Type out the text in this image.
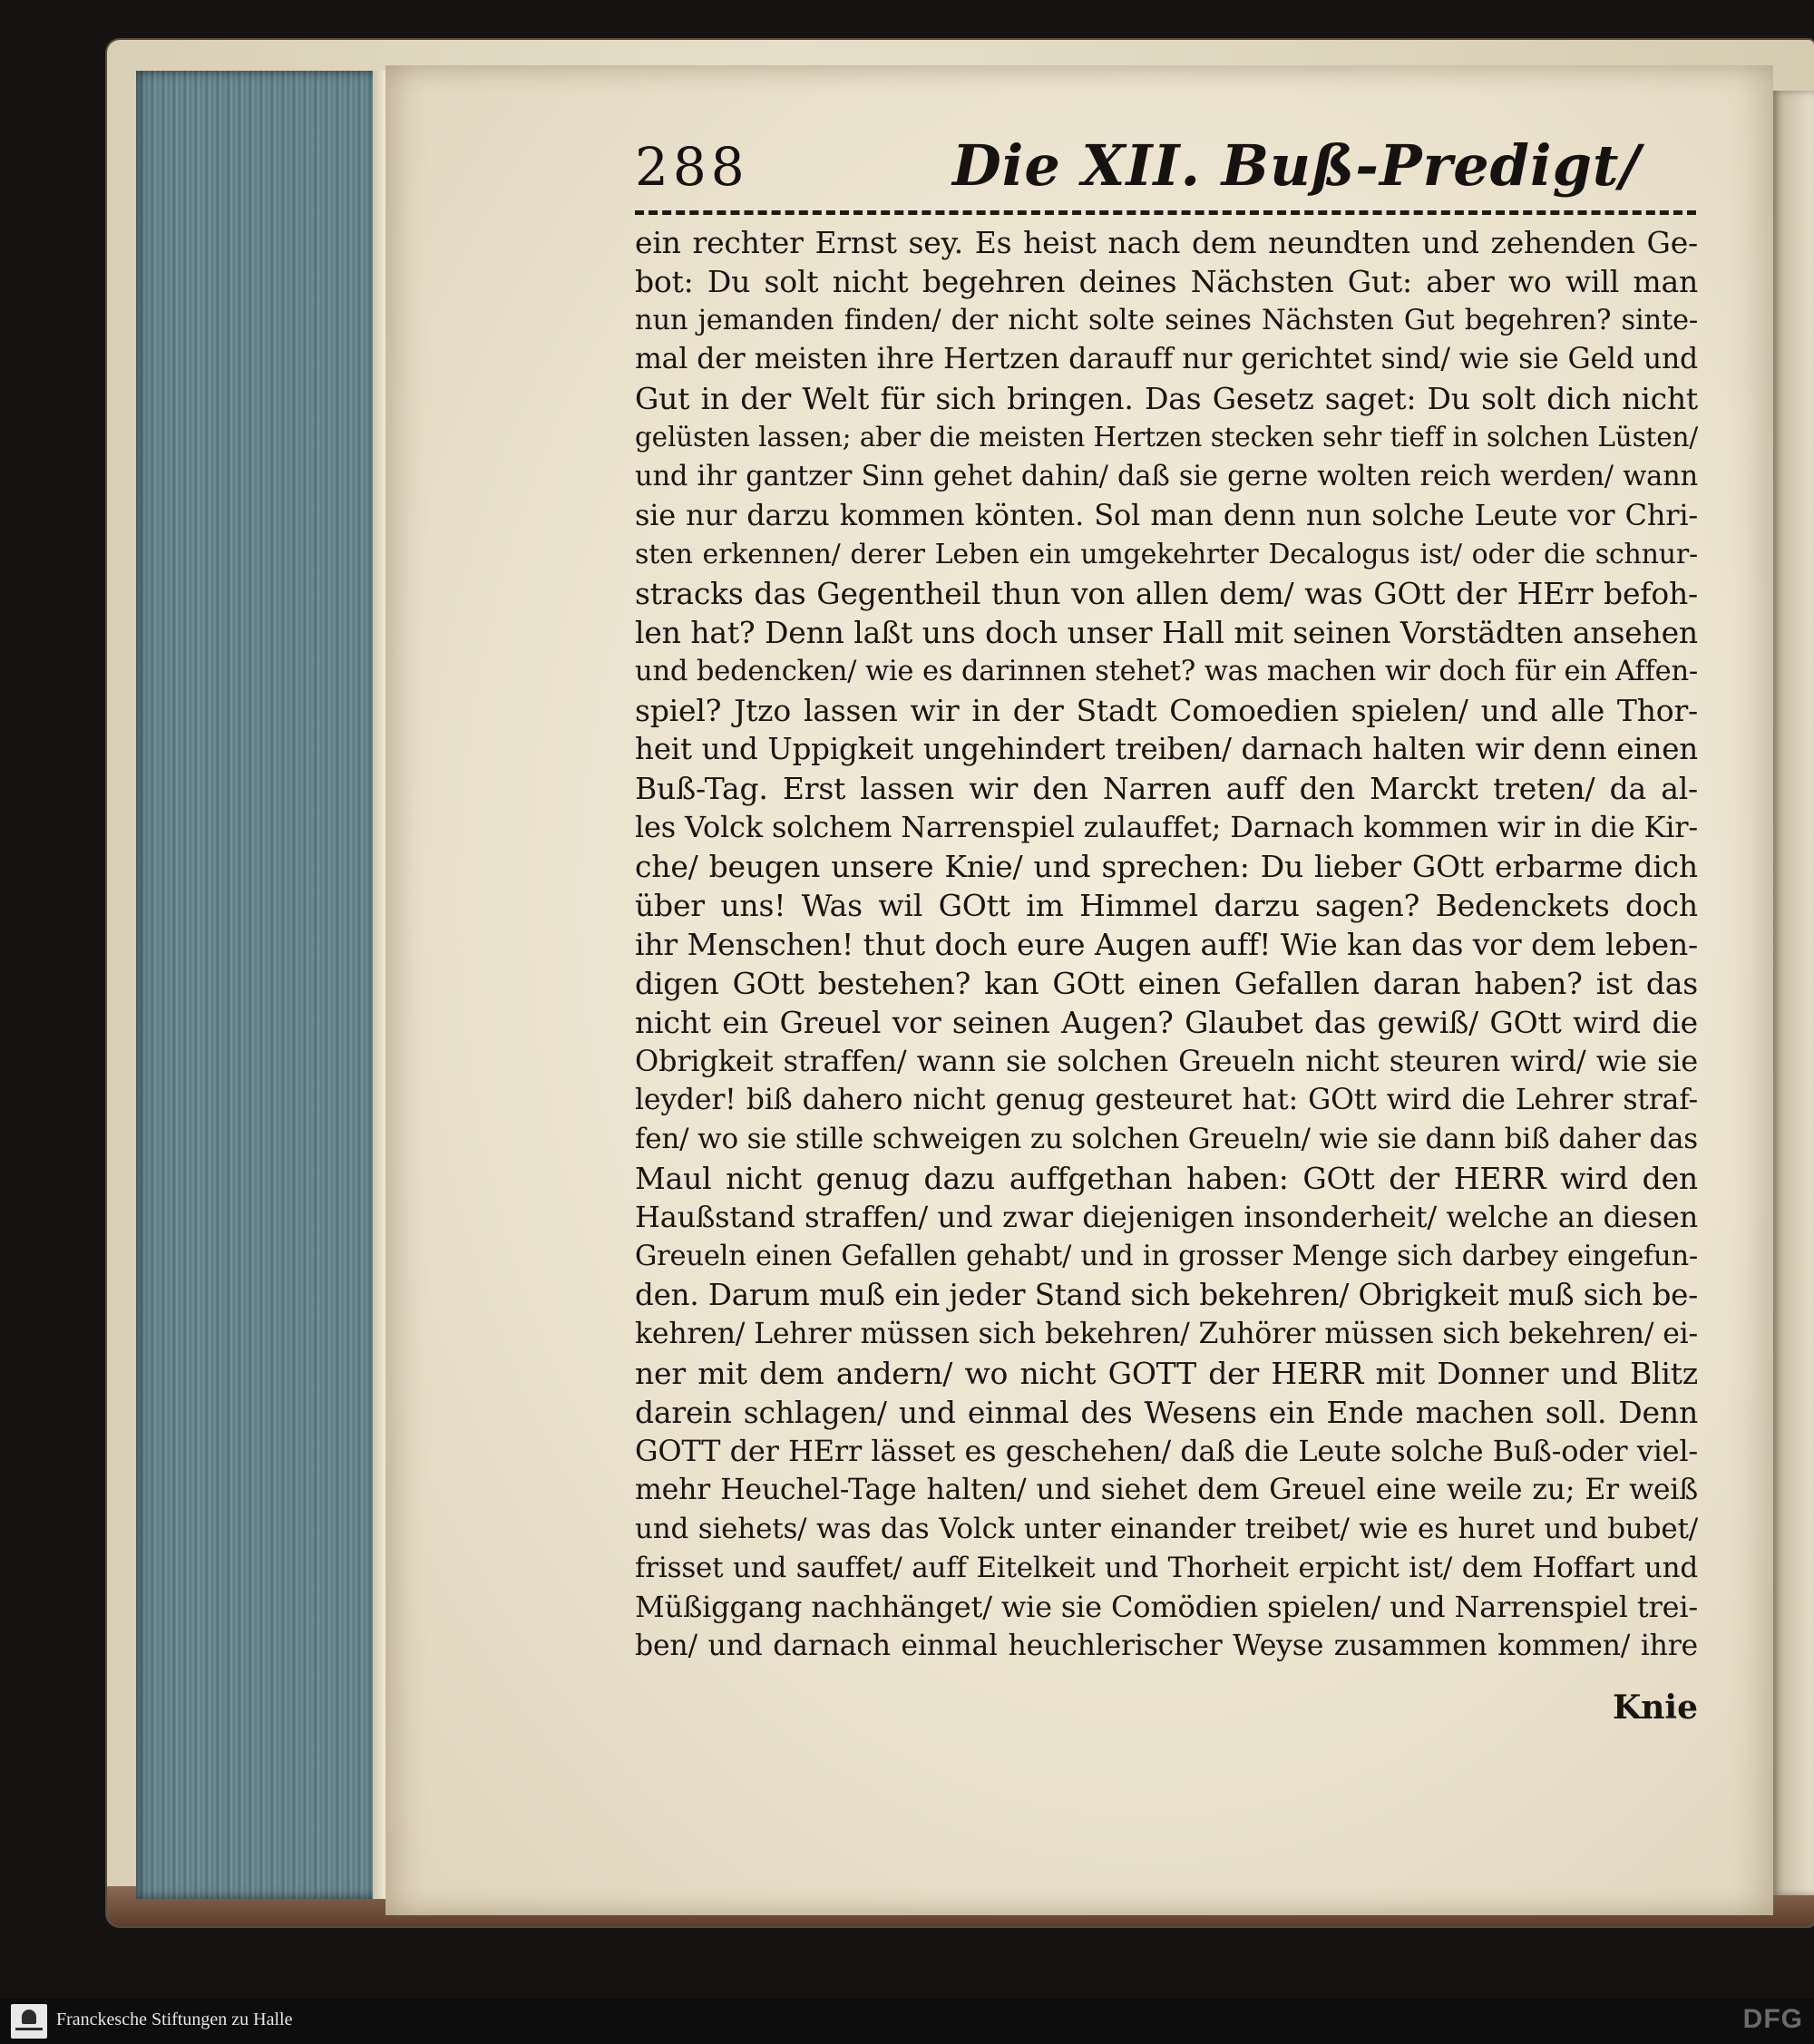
288	Die XII. Buß-Predigt/
ein rechter Ernst sey. Es heist nach dem neundten und zehenden Ge-
bot: Du solt nicht begehren deines Nächsten Gut: aber wo will man
nun jemanden finden/ der nicht solte seines Nächsten Gut begehren? sinte-
mal der meisten ihre Hertzen darauff nur gerichtet sind/ wie sie Geld und
Gut in der Welt für sich bringen. Das Gesetz saget: Du solt dich nicht
gelüsten lassen; aber die meisten Hertzen stecken sehr tieff in solchen Lüsten/
und ihr gantzer Sinn gehet dahin/ daß sie gerne wolten reich werden/ wann
sie nur darzu kommen könten. Sol man denn nun solche Leute vor Chri-
sten erkennen/ derer Leben ein umgekehrter Decalogus ist/ oder die schnur-
stracks das Gegentheil thun von allen dem/ was GOtt der HErr befoh-
len hat? Denn laßt uns doch unser Hall mit seinen Vorstädten ansehen
und bedencken/ wie es darinnen stehet? was machen wir doch für ein Affen-
spiel? Jtzo lassen wir in der Stadt Comoedien spielen/ und alle Thor-
heit und Uppigkeit ungehindert treiben/ darnach halten wir denn einen
Buß-Tag. Erst lassen wir den Narren auff den Marckt treten/ da al-
les Volck solchem Narrenspiel zulauffet; Darnach kommen wir in die Kir-
che/ beugen unsere Knie/ und sprechen: Du lieber GOtt erbarme dich
über uns! Was wil GOtt im Himmel darzu sagen? Bedenckets doch
ihr Menschen! thut doch eure Augen auff! Wie kan das vor dem leben-
digen GOtt bestehen? kan GOtt einen Gefallen daran haben? ist das
nicht ein Greuel vor seinen Augen? Glaubet das gewiß/ GOtt wird die
Obrigkeit straffen/ wann sie solchen Greueln nicht steuren wird/ wie sie
leyder! biß dahero nicht genug gesteuret hat: GOtt wird die Lehrer straf-
fen/ wo sie stille schweigen zu solchen Greueln/ wie sie dann biß daher das
Maul nicht genug dazu auffgethan haben: GOtt der HERR wird den
Haußstand straffen/ und zwar diejenigen insonderheit/ welche an diesen
Greueln einen Gefallen gehabt/ und in grosser Menge sich darbey eingefun-
den. Darum muß ein jeder Stand sich bekehren/ Obrigkeit muß sich be-
kehren/ Lehrer müssen sich bekehren/ Zuhörer müssen sich bekehren/ ei-
ner mit dem andern/ wo nicht GOTT der HERR mit Donner und Blitz
darein schlagen/ und einmal des Wesens ein Ende machen soll. Denn
GOTT der HErr lässet es geschehen/ daß die Leute solche Buß-oder viel-
mehr Heuchel-Tage halten/ und siehet dem Greuel eine weile zu; Er weiß
und siehets/ was das Volck unter einander treibet/ wie es huret und bubet/
frisset und sauffet/ auff Eitelkeit und Thorheit erpicht ist/ dem Hoffart und
Müßiggang nachhänget/ wie sie Comödien spielen/ und Narrenspiel trei-
ben/ und darnach einmal heuchlerischer Weyse zusammen kommen/ ihre
Knie
Franckesche Stiftungen zu Halle	DFG
